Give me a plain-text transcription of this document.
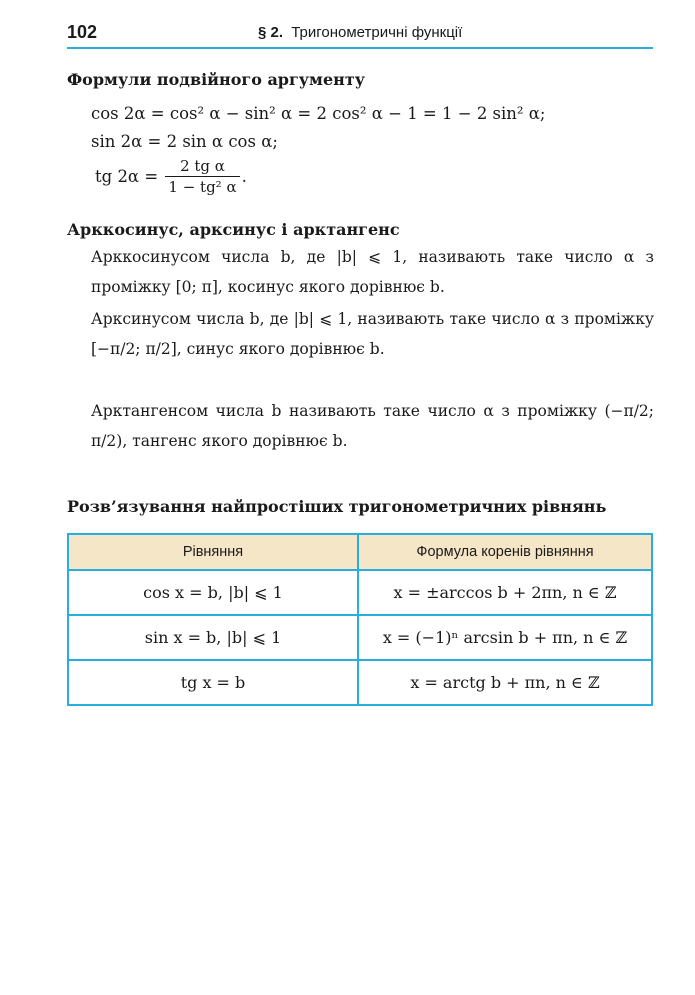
102	§ 2. Тригонометричні функції
Формули подвійного аргументу
cos 2α = cos² α − sin² α = 2 cos² α − 1 = 1 − 2 sin² α;
sin 2α = 2 sin α cos α;
tg $2\alpha = \frac{\text{2 tg α}}{\text{1 − tg² α}}$ .
Арккосинус, арксинус і арктангенс
Арккосинусом числа b, де |b| ⩽ 1, називають таке число α з проміжку [0; π], косинус якого дорівнює b.
Арксинусом числа b, де |b| ⩽ 1, називають таке число α з проміжку [−π/2; π/2], синус якого дорівнює b.
Арктангенсом числа b називають таке число α з проміжку (−π/2; π/2), тангенс якого дорівнює b.
Розв’язування найпростіших тригонометричних рівнянь
Рівняння	Формула коренів рівняння
cos x = b, |b| ⩽ 1	x = ±arccos b + 2πn, n ∈ ℤ
sin x = b, |b| ⩽ 1	x = (−1)ⁿ arcsin b + πn, n ∈ ℤ
tg x = b	x = arctg b + πn, n ∈ ℤ
